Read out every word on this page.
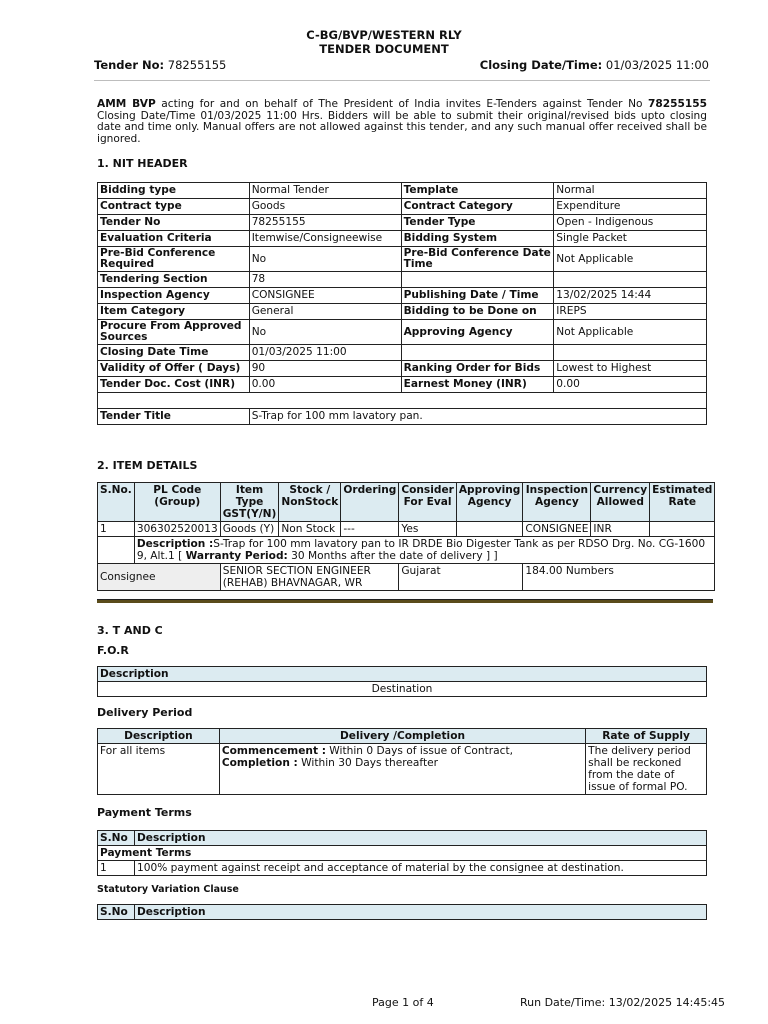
C-BG/BVP/WESTERN RLY
TENDER DOCUMENT
Tender No: 78255155	Closing Date/Time: 01/03/2025 11:00
AMM BVP acting for and on behalf of The President of India invites E-Tenders against Tender No 78255155 Closing Date/Time 01/03/2025 11:00 Hrs. Bidders will be able to submit their original/revised bids upto closing date and time only. Manual offers are not allowed against this tender, and any such manual offer received shall be ignored.
1. NIT HEADER
Bidding type	Normal Tender	Template	Normal
Contract type	Goods	Contract Category	Expenditure
Tender No	78255155	Tender Type	Open - Indigenous
Evaluation Criteria	Itemwise/Consigneewise	Bidding System	Single Packet
Pre-Bid Conference Required	No	Pre-Bid Conference Date Time	Not Applicable
Tendering Section	78		
Inspection Agency	CONSIGNEE	Publishing Date / Time	13/02/2025 14:44
Item Category	General	Bidding to be Done on	IREPS
Procure From Approved Sources	No	Approving Agency	Not Applicable
Closing Date Time	01/03/2025 11:00		
Validity of Offer ( Days)	90	Ranking Order for Bids	Lowest to Highest
Tender Doc. Cost (INR)	0.00	Earnest Money (INR)	0.00

Tender Title	S-Trap for 100 mm lavatory pan.		
2. ITEM DETAILS
S.No.	PL Code (Group)	Item Type GST(Y/N)	Stock / NonStock	Ordering	Consider For Eval	Approving Agency	Inspection Agency	Currency Allowed	Estimated Rate
1	306302520013	Goods (Y)	Non Stock	---	Yes		CONSIGNEE	INR	
	Description :S-Trap for 100 mm lavatory pan to IR DRDE Bio Digester Tank as per RDSO Drg. No. CG-1600 9, Alt.1 [ Warranty Period: 30 Months after the date of delivery ] ]								
Consignee		SENIOR SECTION ENGINEER (REHAB) BHAVNAGAR, WR			Gujarat		184.00 Numbers		
3. T AND C
F.O.R
Description
Destination
Delivery Period
Description	Delivery /Completion	Rate of Supply
For all items	Commencement : Within 0 Days of issue of Contract, Completion : Within 30 Days thereafter	The delivery period shall be reckoned from the date of issue of formal PO.
Payment Terms
S.No	Description
Payment Terms	
1	100% payment against receipt and acceptance of material by the consignee at destination.
Statutory Variation Clause
S.No	Description
Page 1 of 4	Run Date/Time: 13/02/2025 14:45:45
